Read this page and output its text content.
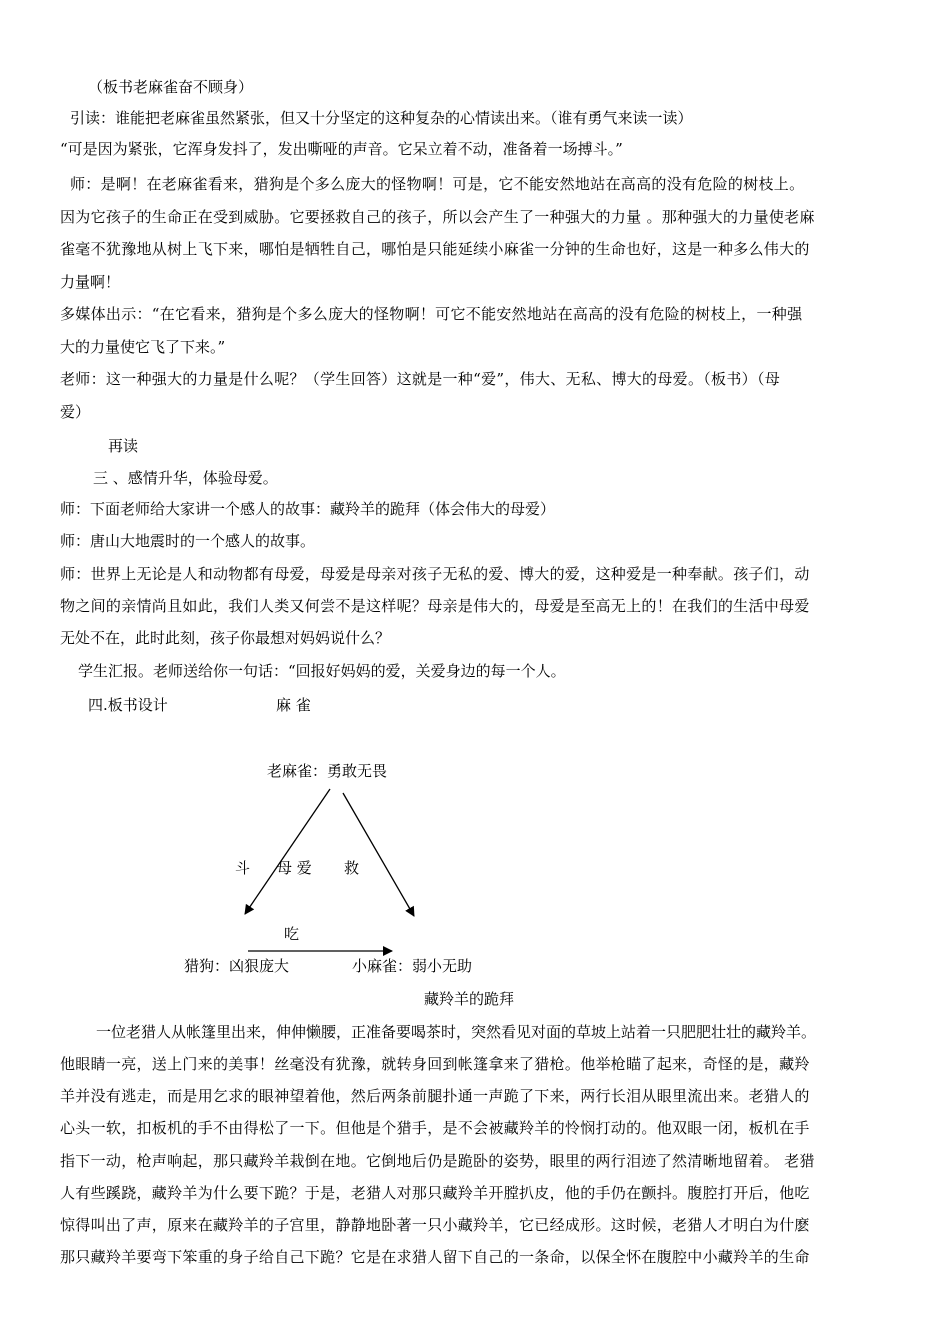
（板书老麻雀奋不顾身）
引读：谁能把老麻雀虽然紧张，但又十分坚定的这种复杂的心情读出来。（谁有勇气来读一读）
“可是因为紧张，它浑身发抖了，发出嘶哑的声音。它呆立着不动，准备着一场搏斗。”
师：是啊！在老麻雀看来，猎狗是个多么庞大的怪物啊！可是，它不能安然地站在高高的没有危险的树枝上。
因为它孩子的生命正在受到威胁。它要拯救自己的孩子，所以会产生了一种强大的力量 。那种强大的力量使老麻
雀毫不犹豫地从树上飞下来，哪怕是牺牲自己，哪怕是只能延续小麻雀一分钟的生命也好，这是一种多么伟大的
力量啊！
多媒体出示：“在它看来，猎狗是个多么庞大的怪物啊！可它不能安然地站在高高的没有危险的树枝上，一种强
大的力量使它飞了下来。”
老师：这一种强大的力量是什么呢？（学生回答）这就是一种“爱”，伟大、无私、博大的母爱。（板书）（母
爱）
再读
三 、感情升华，体验母爱。
师：下面老师给大家讲一个感人的故事：藏羚羊的跪拜（体会伟大的母爱）
师：唐山大地震时的一个感人的故事。
师：世界上无论是人和动物都有母爱，母爱是母亲对孩子无私的爱、博大的爱，这种爱是一种奉献。孩子们，动
物之间的亲情尚且如此，我们人类又何尝不是这样呢？母亲是伟大的，母爱是至高无上的！在我们的生活中母爱
无处不在，此时此刻，孩子你最想对妈妈说什么？
学生汇报。老师送给你一句话：“回报好妈妈的爱，关爱身边的每一个人。
四.板书设计	麻 雀
老麻雀：勇敢无畏
斗 母 爱 救
吃
猎狗：凶狠庞大	小麻雀：弱小无助
藏羚羊的跪拜
一位老猎人从帐篷里出来，伸伸懒腰，正准备要喝茶时，突然看见对面的草坡上站着一只肥肥壮壮的藏羚羊。
他眼睛一亮，送上门来的美事！丝毫没有犹豫，就转身回到帐篷拿来了猎枪。他举枪瞄了起来，奇怪的是，藏羚
羊并没有逃走，而是用乞求的眼神望着他，然后两条前腿扑通一声跪了下来，两行长泪从眼里流出来。老猎人的
心头一软，扣板机的手不由得松了一下。但他是个猎手，是不会被藏羚羊的怜悯打动的。他双眼一闭，板机在手
指下一动，枪声响起，那只藏羚羊栽倒在地。它倒地后仍是跪卧的姿势，眼里的两行泪迹了然清晰地留着。 老猎
人有些蹊跷，藏羚羊为什么要下跪？于是，老猎人对那只藏羚羊开膛扒皮，他的手仍在颤抖。腹腔打开后，他吃
惊得叫出了声，原来在藏羚羊的子宫里，静静地卧著一只小藏羚羊，它已经成形。这时候，老猎人才明白为什麽
那只藏羚羊要弯下笨重的身子给自己下跪？它是在求猎人留下自己的一条命，以保全怀在腹腔中小藏羚羊的生命
